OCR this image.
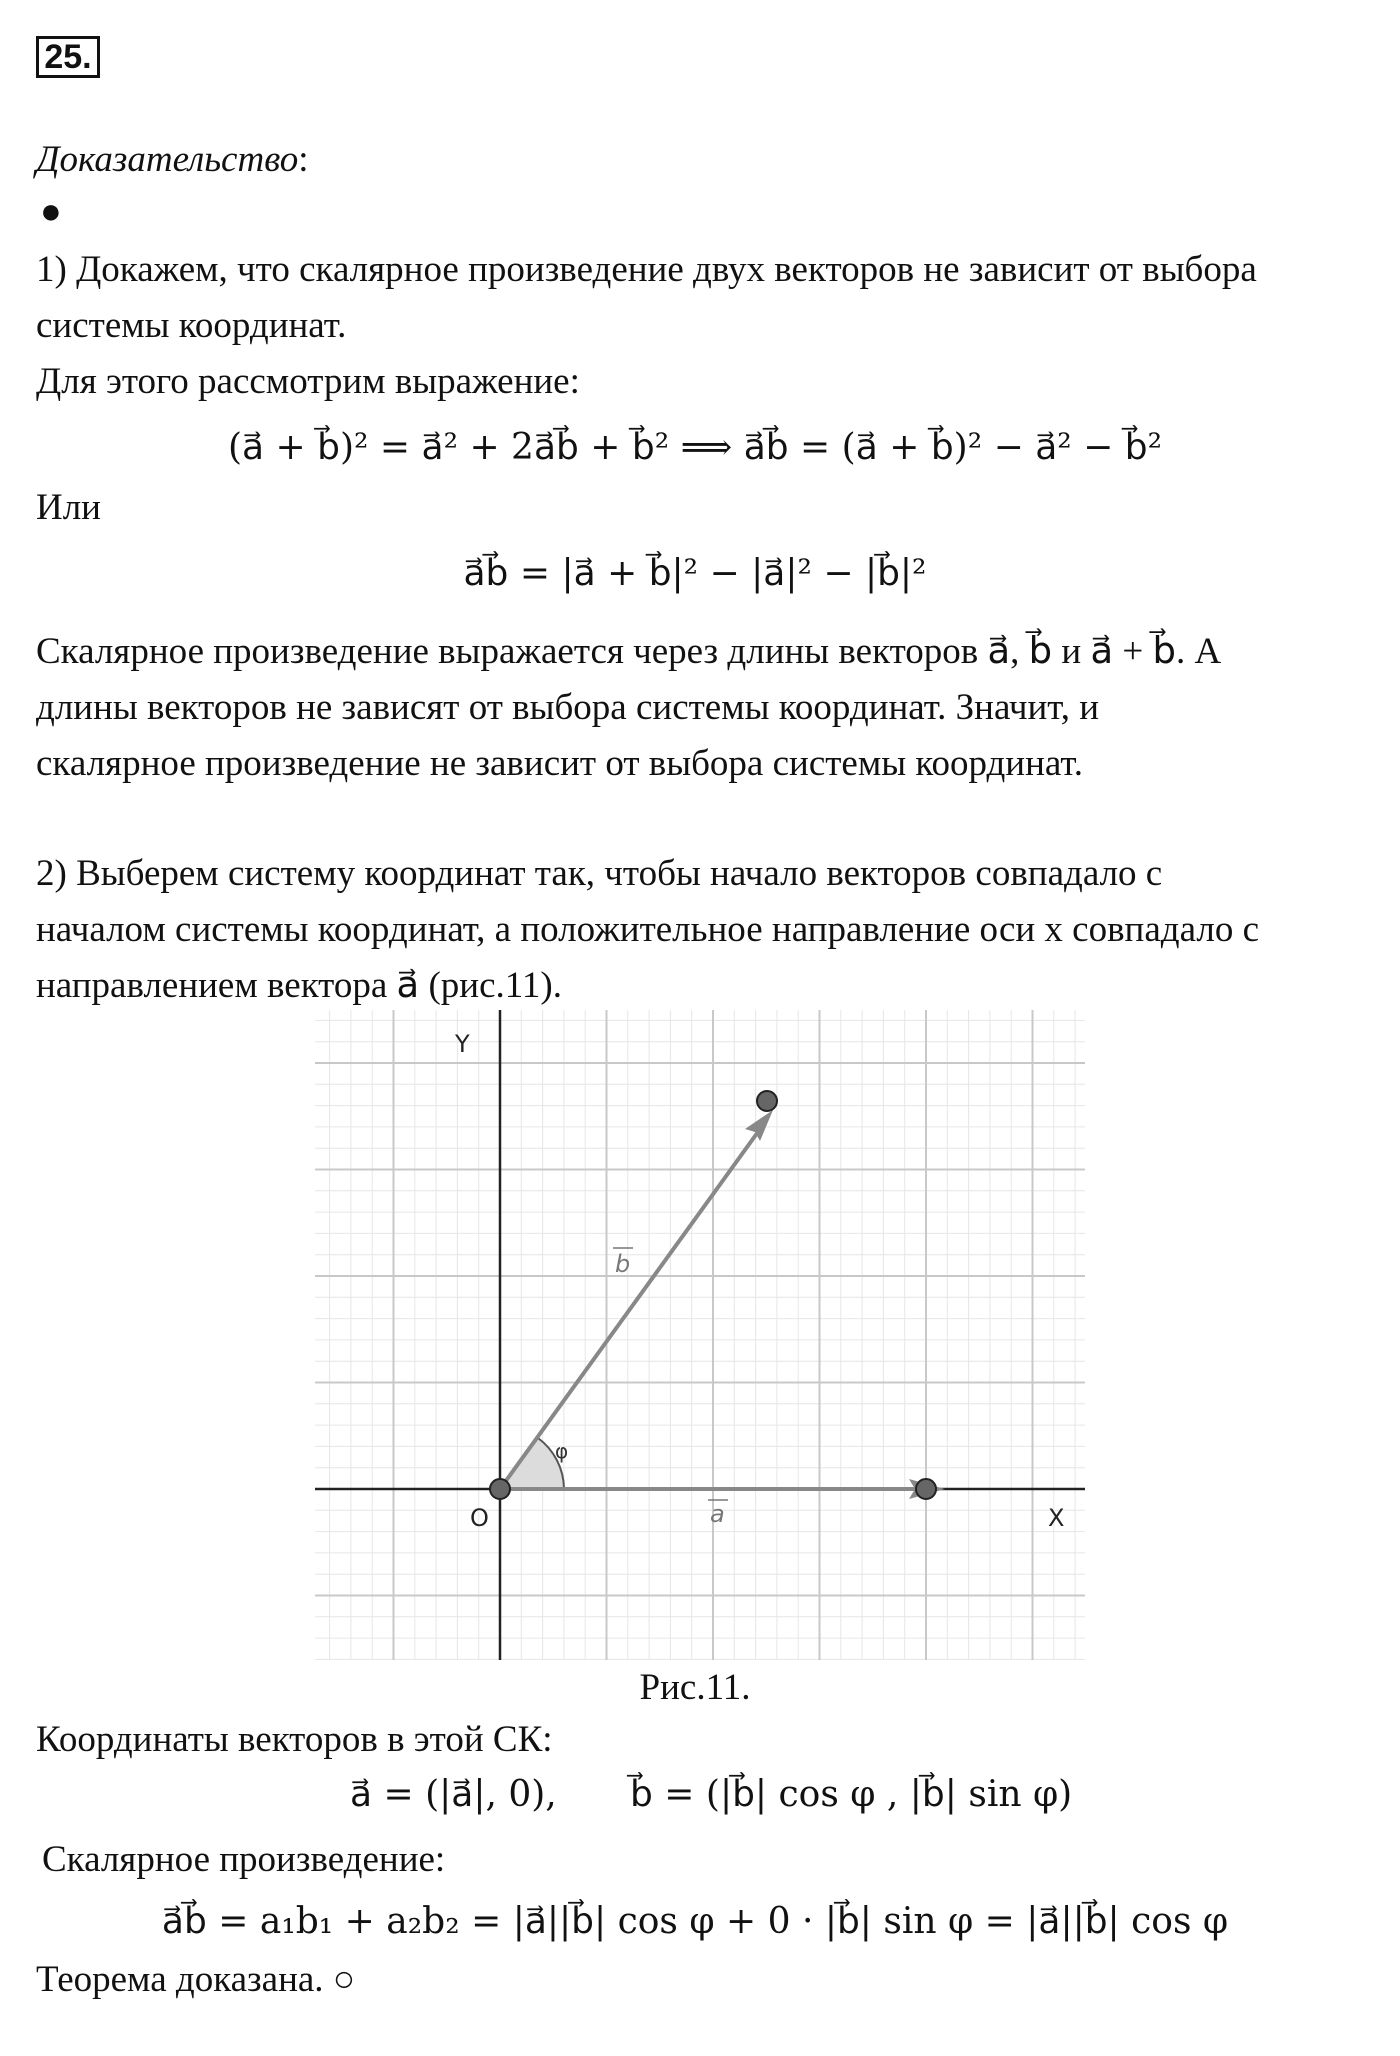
25.
Доказательство:
●

1) Докажем, что скалярное произведение двух векторов не зависит от выбора

системы координат.

Для этого рассмотрим выражение:

(a⃗ + b⃗)² = a⃗² + 2a⃗b⃗ + b⃗² ⟹ a⃗b⃗ = (a⃗ + b⃗)² − a⃗² − b⃗²

Или

a⃗b⃗ = |a⃗ + b⃗|² − |a⃗|² − |b⃗|²

Скалярное произведение выражается через длины векторов a⃗, b⃗ и a⃗ + b⃗. А

длины векторов не зависят от выбора системы координат. Значит, и

скалярное произведение не зависит от выбора системы координат.

2) Выберем систему координат так, чтобы начало векторов совпадало с

началом системы координат, а положительное направление оси x совпадало с

направлением вектора a⃗ (рис.11).

Y
X
O	a
b
φ
Рис.11.

Координаты векторов в этой СК:

a⃗ = (|a⃗|, 0), b⃗ = (|b⃗| cos φ , |b⃗| sin φ)

Скалярное произведение:

a⃗b⃗ = a₁b₁ + a₂b₂ = |a⃗||b⃗| cos φ + 0 · |b⃗| sin φ = |a⃗||b⃗| cos φ

Теорема доказана. ○
